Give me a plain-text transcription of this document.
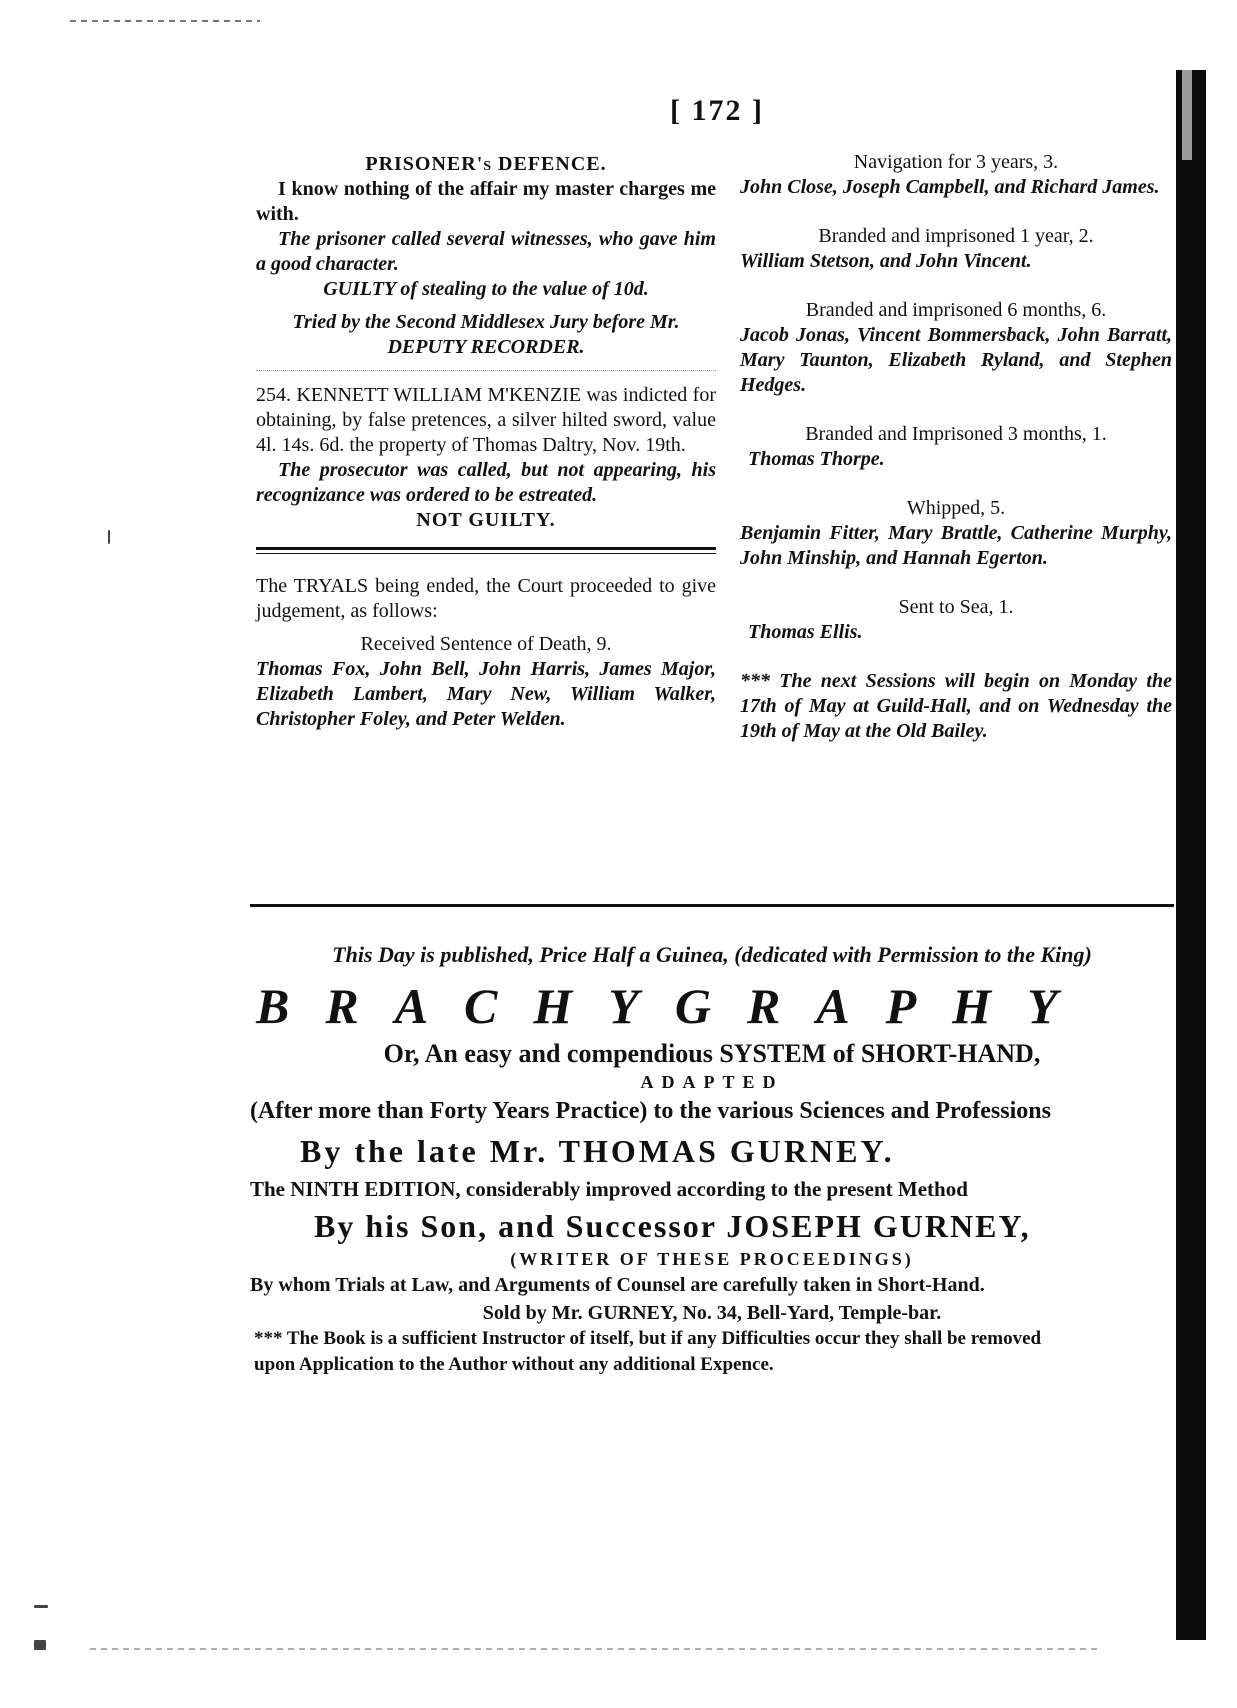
[ 172 ]

PRISONER's DEFENCE.

I know nothing of the affair my master charges me with.

The prisoner called several witnesses, who gave him a good character.

GUILTY of stealing to the value of 10d.

Tried by the Second Middlesex Jury before Mr. DEPUTY RECORDER.

254. KENNETT WILLIAM M'KENZIE was indicted for obtaining, by false pretences, a silver hilted sword, value 4l. 14s. 6d. the property of Thomas Daltry, Nov. 19th.

The prosecutor was called, but not appearing, his recognizance was ordered to be estreated.

NOT GUILTY.

The TRYALS being ended, the Court proceeded to give judgement, as follows:

Received Sentence of Death, 9.

Thomas Fox, John Bell, John Harris, James Major, Elizabeth Lambert, Mary New, William Walker, Christopher Foley, and Peter Welden.

Navigation for 3 years, 3.

John Close, Joseph Campbell, and Richard James.

Branded and imprisoned 1 year, 2.

William Stetson, and John Vincent.

Branded and imprisoned 6 months, 6.

Jacob Jonas, Vincent Bommersback, John Barratt, Mary Taunton, Elizabeth Ryland, and Stephen Hedges.

Branded and Imprisoned 3 months, 1.

Thomas Thorpe.

Whipped, 5.

Benjamin Fitter, Mary Brattle, Catherine Murphy, John Minship, and Hannah Egerton.

Sent to Sea, 1.

Thomas Ellis.

*** The next Sessions will begin on Monday the 17th of May at Guild-Hall, and on Wednesday the 19th of May at the Old Bailey.

This Day is published, Price Half a Guinea, (dedicated with Permission to the King)
BRACHYGRAPHY
Or, An easy and compendious SYSTEM of SHORT-HAND,
ADAPTED
(After more than Forty Years Practice) to the various Sciences and Professions
By the late Mr. THOMAS GURNEY.
The NINTH EDITION, considerably improved according to the present Method
By his Son, and Successor JOSEPH GURNEY,
(WRITER OF THESE PROCEEDINGS)
By whom Trials at Law, and Arguments of Counsel are carefully taken in Short-Hand.
Sold by Mr. GURNEY, No. 34, Bell-Yard, Temple-bar.
*** The Book is a sufficient Instructor of itself, but if any Difficulties occur they shall be removed upon Application to the Author without any additional Expence.
